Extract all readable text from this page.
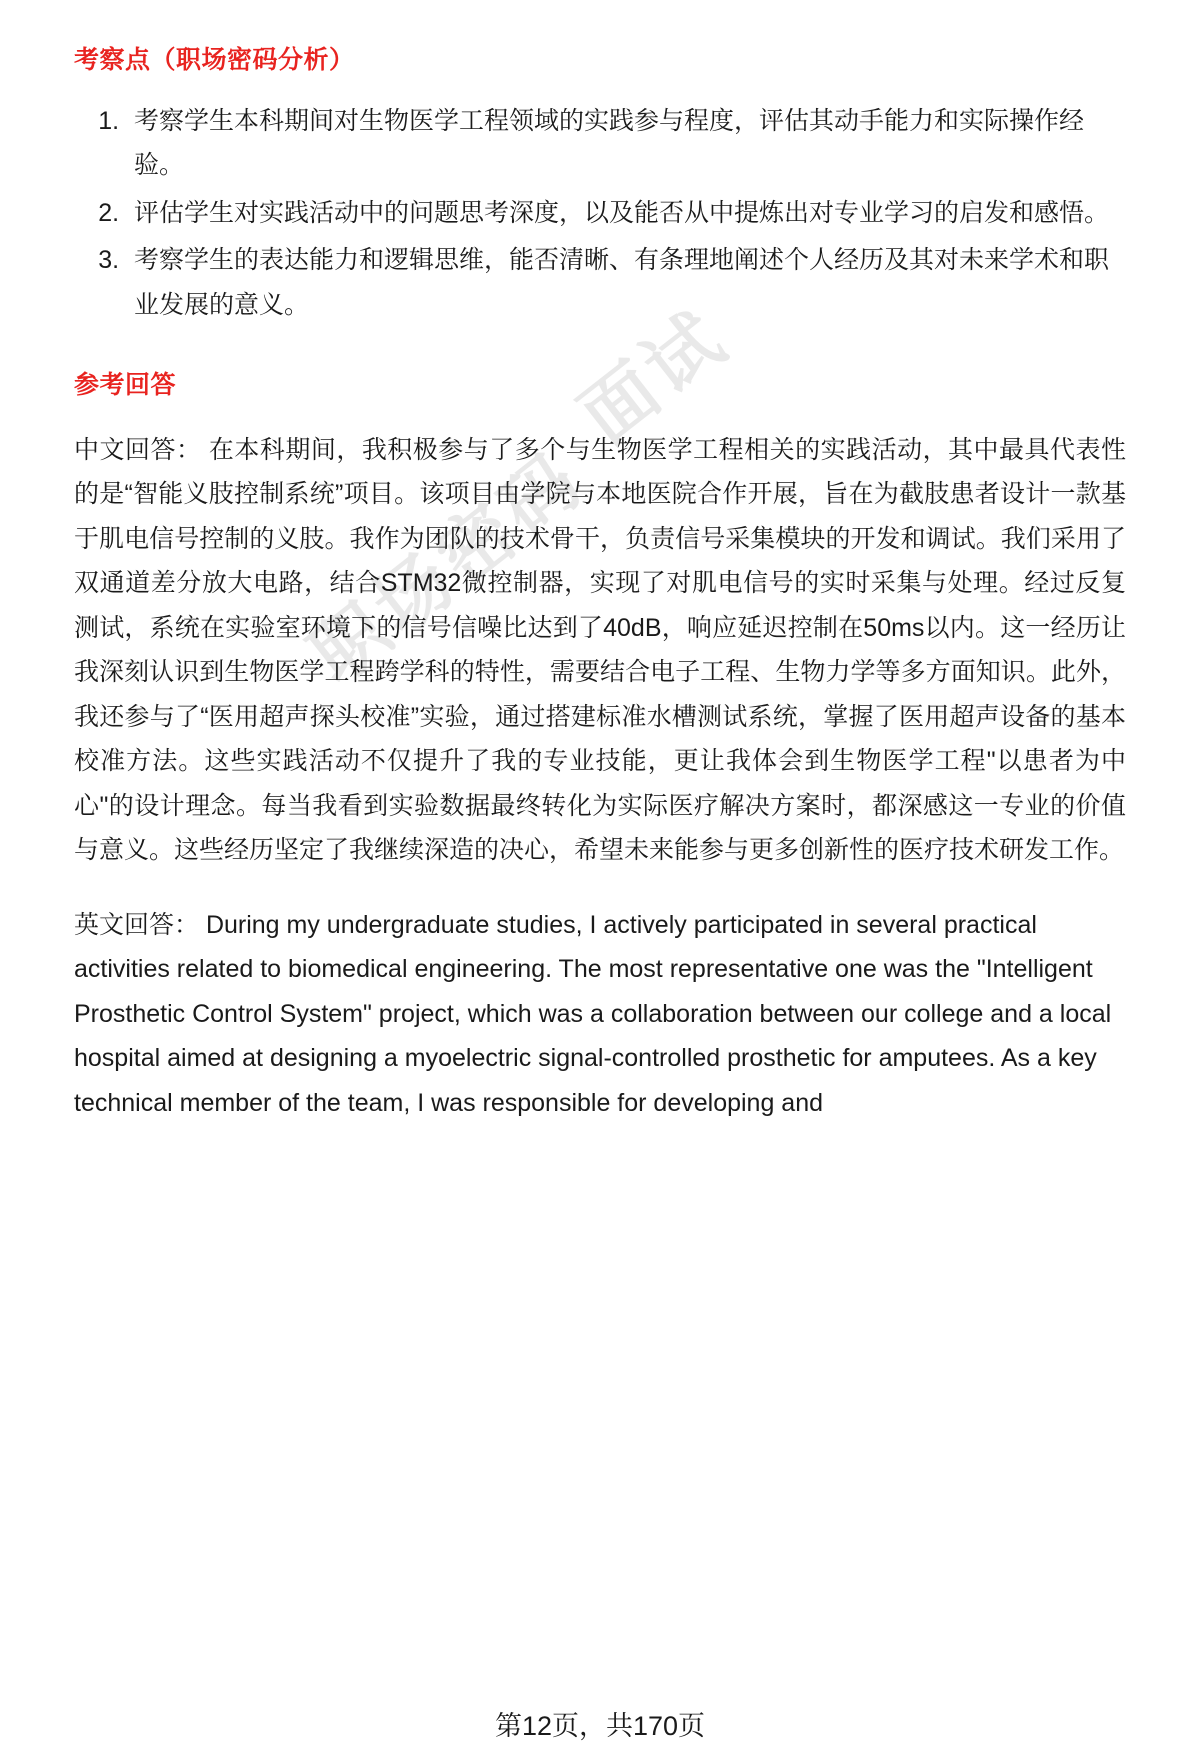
职场密码
面试
考察点（职场密码分析）
1. 考察学生本科期间对生物医学工程领域的实践参与程度，评估其动手能力和实际操作经验。
2. 评估学生对实践活动中的问题思考深度，以及能否从中提炼出对专业学习的启发和感悟。
3. 考察学生的表达能力和逻辑思维，能否清晰、有条理地阐述个人经历及其对未来学术和职业发展的意义。
参考回答

中文回答： 在本科期间，我积极参与了多个与生物医学工程相关的实践活动，其中最具代表性的是“智能义肢控制系统”项目。该项目由学院与本地医院合作开展，旨在为截肢患者设计一款基于肌电信号控制的义肢。我作为团队的技术骨干，负责信号采集模块的开发和调试。我们采用了双通道差分放大电路，结合STM32微控制器，实现了对肌电信号的实时采集与处理。经过反复测试，系统在实验室环境下的信号信噪比达到了40dB，响应延迟控制在50ms以内。这一经历让我深刻认识到生物医学工程跨学科的特性，需要结合电子工程、生物力学等多方面知识。此外，我还参与了“医用超声探头校准”实验，通过搭建标准水槽测试系统，掌握了医用超声设备的基本校准方法。这些实践活动不仅提升了我的专业技能，更让我体会到生物医学工程"以患者为中心"的设计理念。每当我看到实验数据最终转化为实际医疗解决方案时，都深感这一专业的价值与意义。这些经历坚定了我继续深造的决心，希望未来能参与更多创新性的医疗技术研发工作。

英文回答： During my undergraduate studies, I actively participated in several practical activities related to biomedical engineering. The most representative one was the "Intelligent Prosthetic Control System" project, which was a collaboration between our college and a local hospital aimed at designing a myoelectric signal-controlled prosthetic for amputees. As a key technical member of the team, I was responsible for developing and

第12页，共170页
